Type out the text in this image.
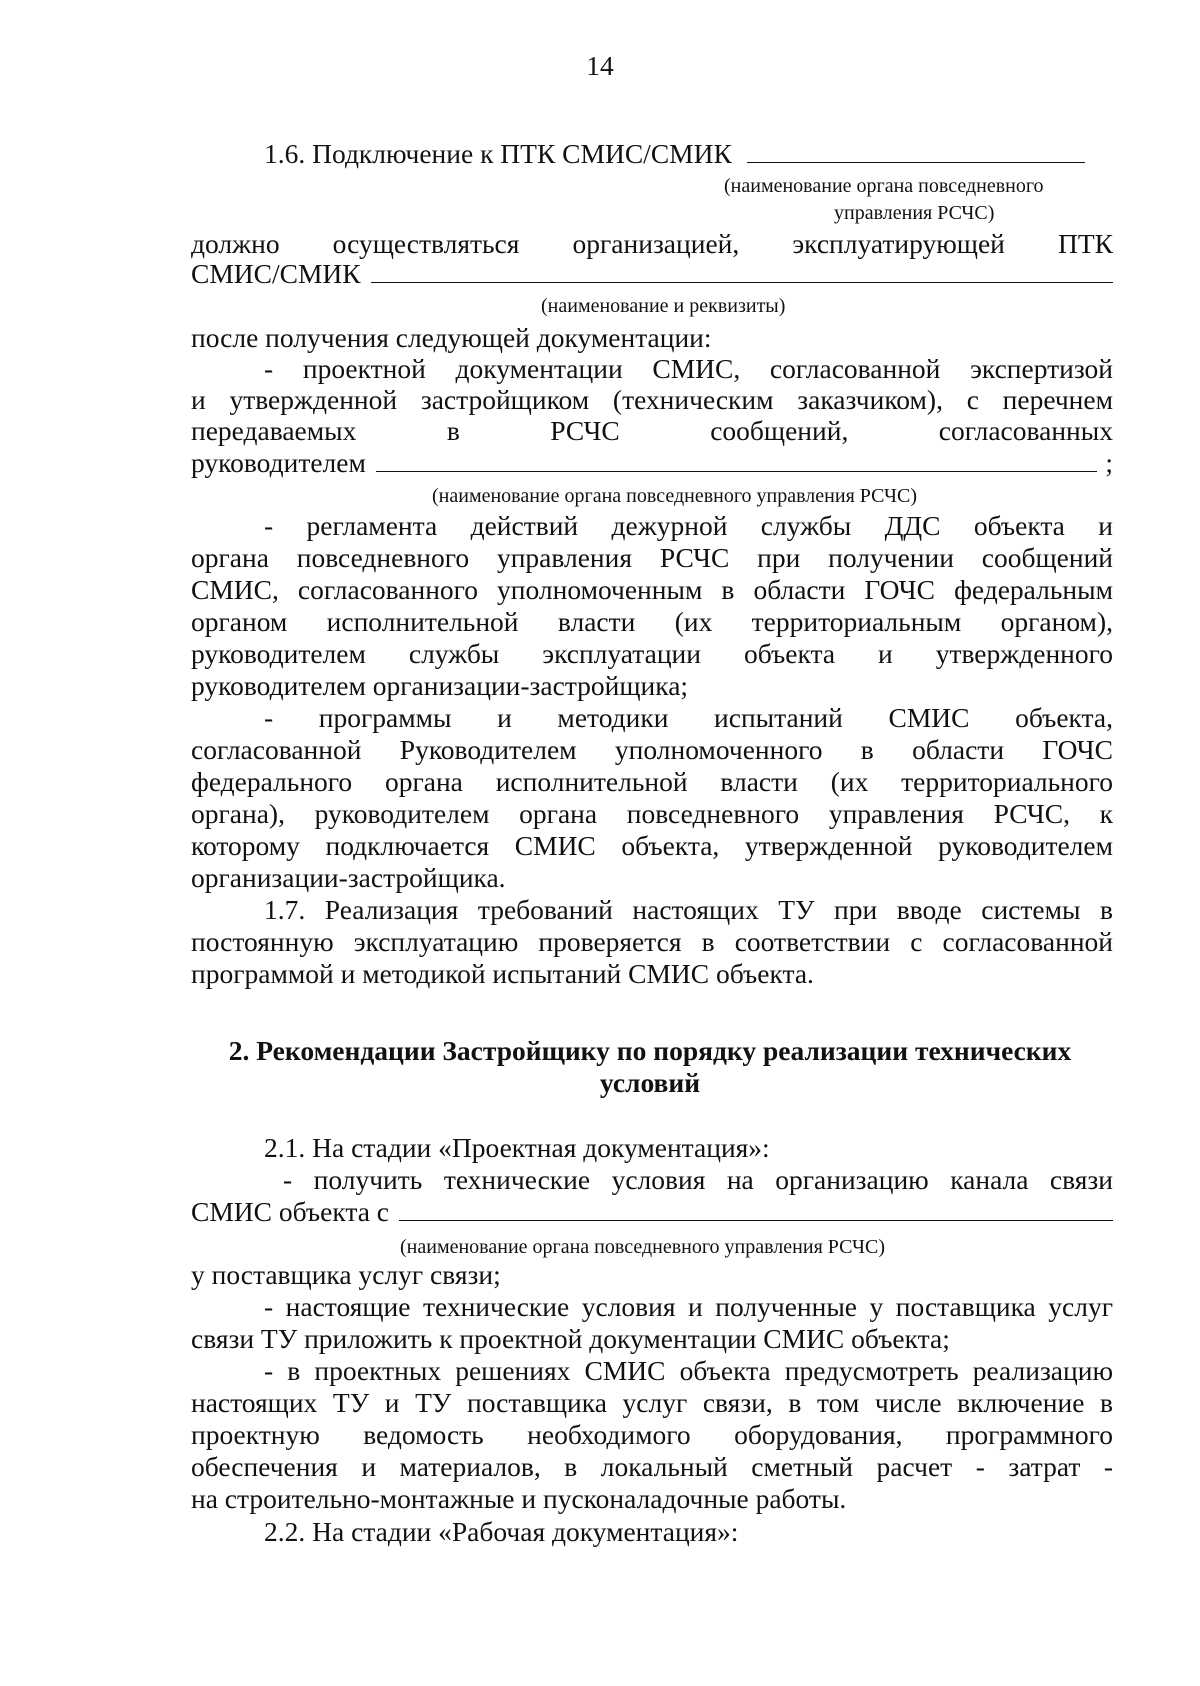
14
1.6. Подключение к ПТК СМИС/СМИК
(наименование органа повседневного
управления РСЧС)
должно осуществляться организацией, эксплуатирующей ПТК
СМИС/СМИК
(наименование и реквизиты)
после получения следующей документации:
- проектной документации СМИС, согласованной экспертизой
и утвержденной застройщиком (техническим заказчиком), с перечнем
передаваемых в РСЧС сообщений, согласованных
руководителем	;
(наименование органа повседневного управления РСЧС)
- регламента действий дежурной службы ДДС объекта и
органа повседневного управления РСЧС при получении сообщений
СМИС, согласованного уполномоченным в области ГОЧС федеральным
органом исполнительной власти (их территориальным органом),
руководителем службы эксплуатации объекта и утвержденного
руководителем организации-застройщика;
- программы и методики испытаний СМИС объекта,
согласованной Руководителем уполномоченного в области ГОЧС
федерального органа исполнительной власти (их территориального
органа), руководителем органа повседневного управления РСЧС, к
которому подключается СМИС объекта, утвержденной руководителем
организации-застройщика.
1.7. Реализация требований настоящих ТУ при вводе системы в
постоянную эксплуатацию проверяется в соответствии с согласованной
программой и методикой испытаний СМИС объекта.
2. Рекомендации Застройщику по порядку реализации технических
условий
2.1. На стадии «Проектная документация»:
- получить технические условия на организацию канала связи
СМИС объекта с
(наименование органа повседневного управления РСЧС)
у поставщика услуг связи;
- настоящие технические условия и полученные у поставщика услуг
связи ТУ приложить к проектной документации СМИС объекта;
- в проектных решениях СМИС объекта предусмотреть реализацию
настоящих ТУ и ТУ поставщика услуг связи, в том числе включение в
проектную ведомость необходимого оборудования, программного
обеспечения и материалов, в локальный сметный расчет - затрат -
на строительно-монтажные и пусконаладочные работы.
2.2. На стадии «Рабочая документация»:
